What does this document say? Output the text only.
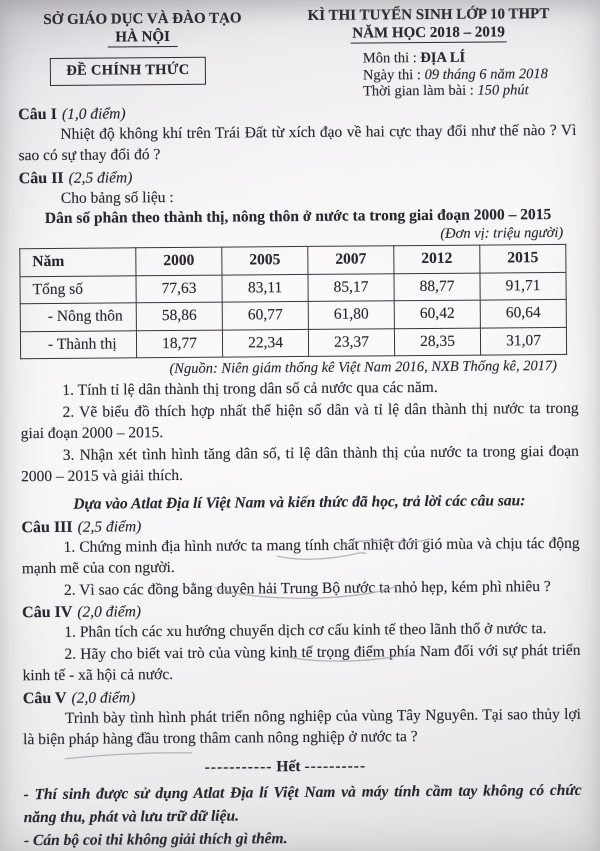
SỞ GIÁO DỤC VÀ ĐÀO TẠO
HÀ NỘI
ĐỀ CHÍNH THỨC
KÌ THI TUYỂN SINH LỚP 10 THPT
NĂM HỌC 2018 – 2019
Môn thi : ĐỊA LÍ
Ngày thi : 09 tháng 6 năm 2018
Thời gian làm bài : 150 phút

Câu I (1,0 điểm)

Nhiệt độ không khí trên Trái Đất từ xích đạo về hai cực thay đổi như thế nào ? Vì sao có sự thay đổi đó ?

Câu II (2,5 điểm)

Cho bảng số liệu :

Dân số phân theo thành thị, nông thôn ở nước ta trong giai đoạn 2000 – 2015

(Đơn vị: triệu người)
Năm	2000	2005	2007	2012	2015
Tổng số	77,63	83,11	85,17	88,77	91,71
- Nông thôn	58,86	60,77	61,80	60,42	60,64
- Thành thị	18,77	22,34	23,37	28,35	31,07

(Nguồn: Niên giám thống kê Việt Nam 2016, NXB Thống kê, 2017)

1. Tính tỉ lệ dân thành thị trong dân số cả nước qua các năm.

2. Vẽ biểu đồ thích hợp nhất thể hiện số dân và tỉ lệ dân thành thị nước ta trong giai đoạn 2000 – 2015.

3. Nhận xét tình hình tăng dân số, tỉ lệ dân thành thị của nước ta trong giai đoạn 2000 – 2015 và giải thích.

Dựa vào Atlat Địa lí Việt Nam và kiến thức đã học, trả lời các câu sau:

Câu III (2,5 điểm)

1. Chứng minh địa hình nước ta mang tính chất nhiệt đới gió mùa và chịu tác động mạnh mẽ của con người.

2. Vì sao các đồng bằng duyên hải Trung Bộ nước ta nhỏ hẹp, kém phì nhiêu ?

Câu IV (2,0 điểm)

1. Phân tích các xu hướng chuyển dịch cơ cấu kinh tế theo lãnh thổ ở nước ta.

2. Hãy cho biết vai trò của vùng kinh tế trọng điểm phía Nam đối với sự phát triển kinh tế - xã hội cả nước.

Câu V (2,0 điểm)

Trình bày tình hình phát triển nông nghiệp của vùng Tây Nguyên. Tại sao thủy lợi là biện pháp hàng đầu trong thâm canh nông nghiệp ở nước ta ?

----------- Hết ----------

- Thí sinh được sử dụng Atlat Địa lí Việt Nam và máy tính cầm tay không có chức năng thu, phát và lưu trữ dữ liệu.

- Cán bộ coi thi không giải thích gì thêm.
